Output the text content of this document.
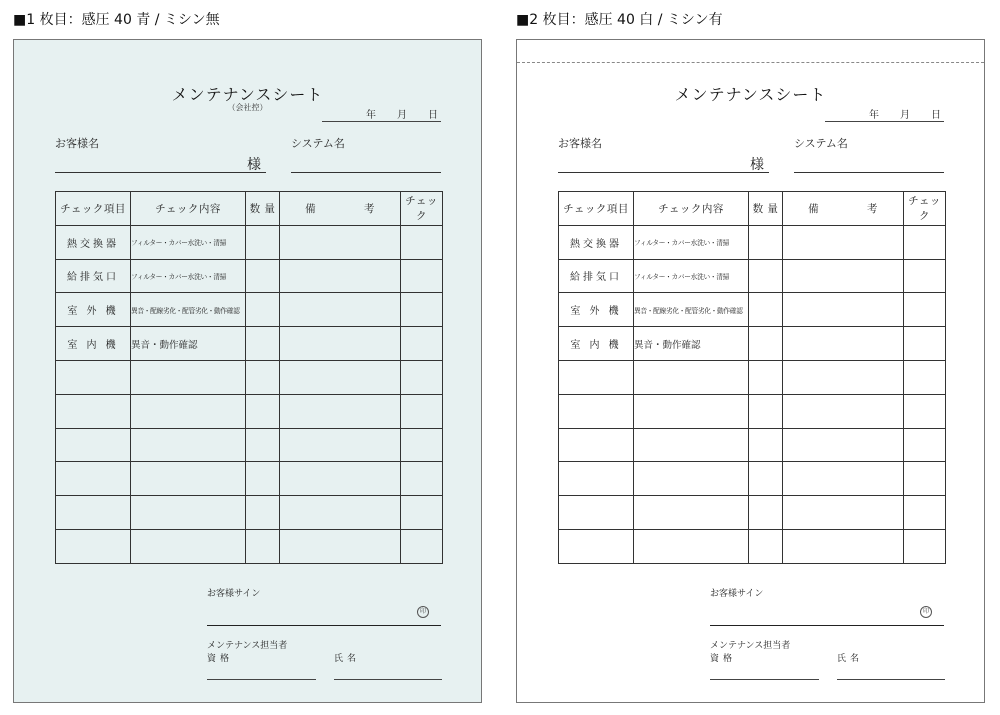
■1 枚目：感圧 40 青 / ミシン無	■2 枚目：感圧 40 白 / ミシン有
メンテナンスシート
（会社控）
年 月 日
お客様名	システム名
様
チェック項目	チェック内容	数 量	備 考	チェック
熱交換器	フィルター・カバー水洗い・清掃			
給排気口	フィルター・カバー水洗い・清掃			
室 外 機	異音・配線劣化・配管劣化・動作確認			
室 内 機	異音・動作確認			

お客様サイン
印
メンテナンス担当者
資格	氏名
メンテナンスシート
年 月 日
お客様名	システム名
様
チェック項目	チェック内容	数 量	備 考	チェック
熱交換器	フィルター・カバー水洗い・清掃			
給排気口	フィルター・カバー水洗い・清掃			
室 外 機	異音・配線劣化・配管劣化・動作確認			
室 内 機	異音・動作確認			

お客様サイン
印
メンテナンス担当者
資格	氏名
